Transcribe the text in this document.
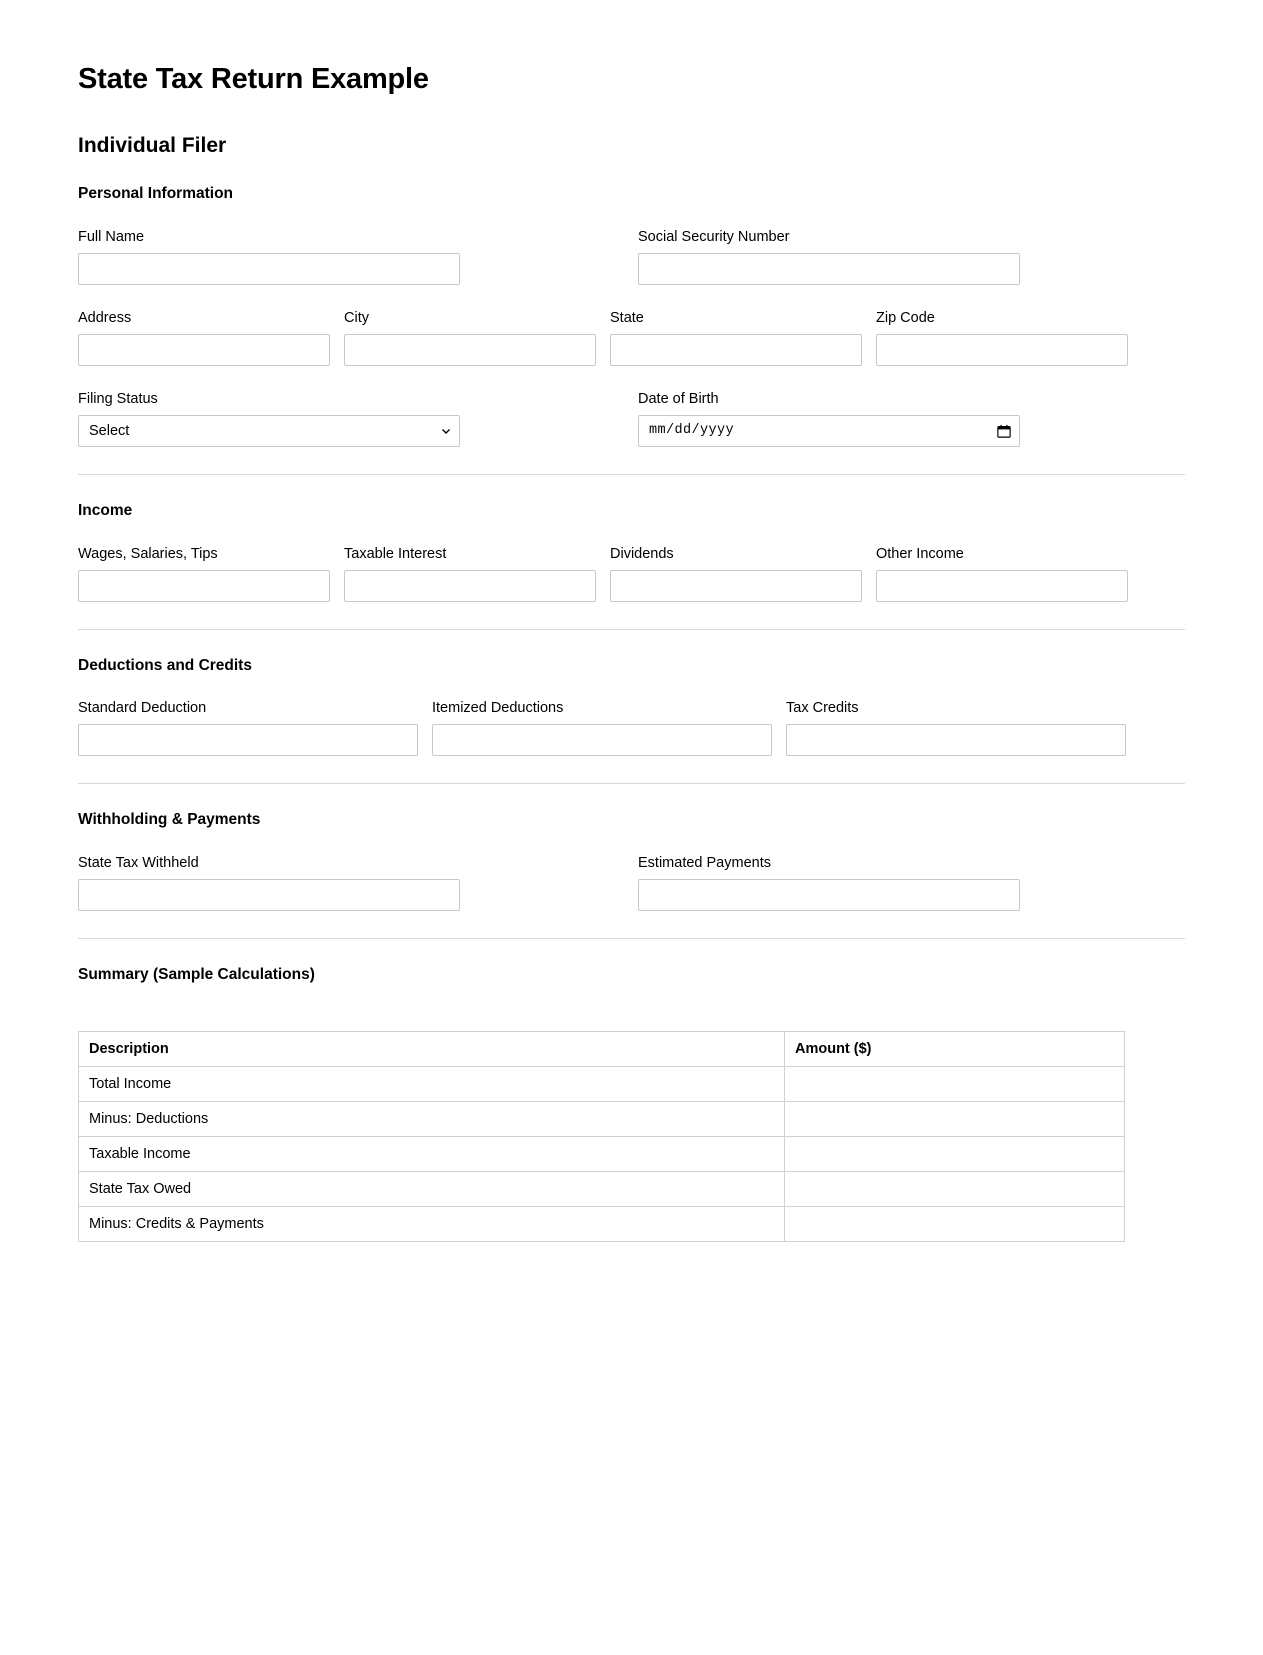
State Tax Return Example
Individual Filer
Personal Information
Full Name	Social Security Number
Address	City	State	Zip Code
Filing Status
Select
Date of Birth
mm/dd/yyyy
Income
Wages, Salaries, Tips	Taxable Interest	Dividends	Other Income
Deductions and Credits
Standard Deduction	Itemized Deductions	Tax Credits
Withholding & Payments
State Tax Withheld	Estimated Payments
Summary (Sample Calculations)
Description	Amount ($)
Total Income	
Minus: Deductions	
Taxable Income	
State Tax Owed	
Minus: Credits & Payments	
